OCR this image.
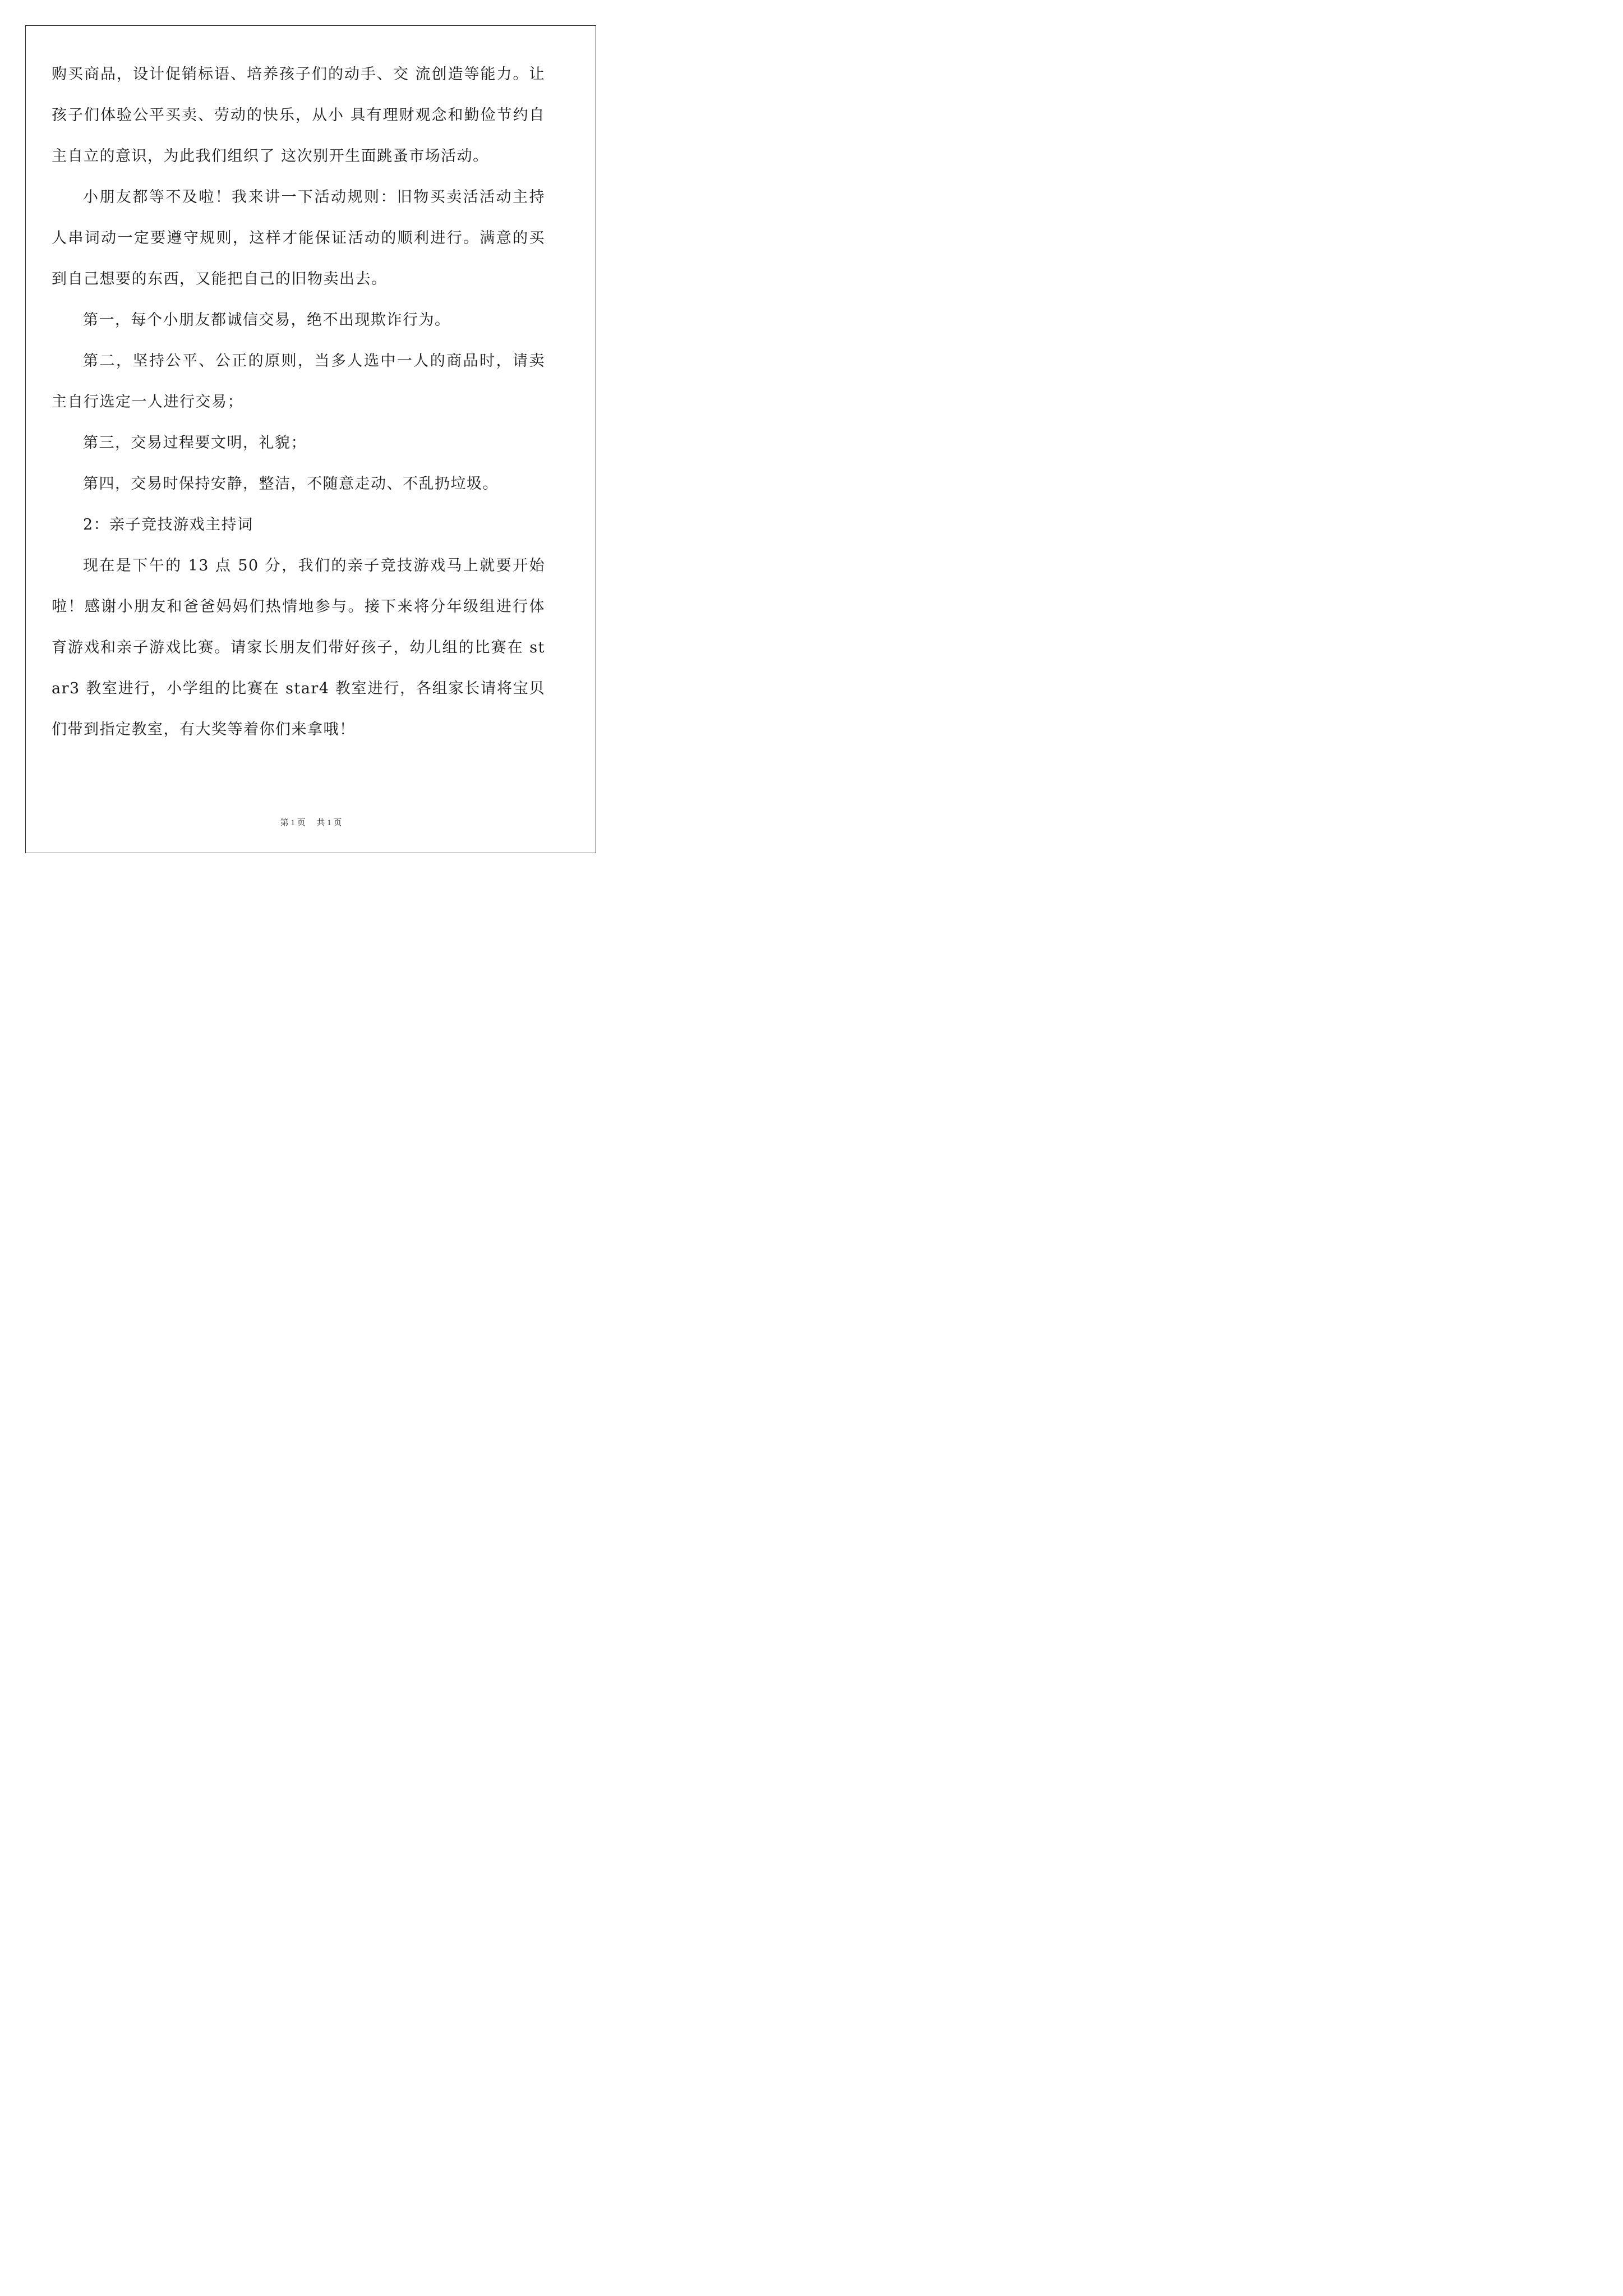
购买商品，设计促销标语、培养孩子们的动手、交 流创造等能力。让孩子们体验公平买卖、劳动的快乐，从小 具有理财观念和勤俭节约自主自立的意识，为此我们组织了 这次别开生面跳蚤市场活动。

小朋友都等不及啦！我来讲一下活动规则：旧物买卖活活动主持人串词动一定要遵守规则，这样才能保证活动的顺利进行。满意的买到自己想要的东西，又能把自己的旧物卖出去。

第一，每个小朋友都诚信交易，绝不出现欺诈行为。

第二，坚持公平、公正的原则，当多人选中一人的商品时，请卖主自行选定一人进行交易；

第三，交易过程要文明，礼貌；

第四，交易时保持安静，整洁，不随意走动、不乱扔垃圾。

2：亲子竞技游戏主持词

现在是下午的 13 点 50 分，我们的亲子竞技游戏马上就要开始啦！感谢小朋友和爸爸妈妈们热情地参与。接下来将分年级组进行体育游戏和亲子游戏比赛。请家长朋友们带好孩子，幼儿组的比赛在 star3 教室进行，小学组的比赛在 star4 教室进行，各组家长请将宝贝们带到指定教室，有大奖等着你们来拿哦！

第 1 页 共 1 页
